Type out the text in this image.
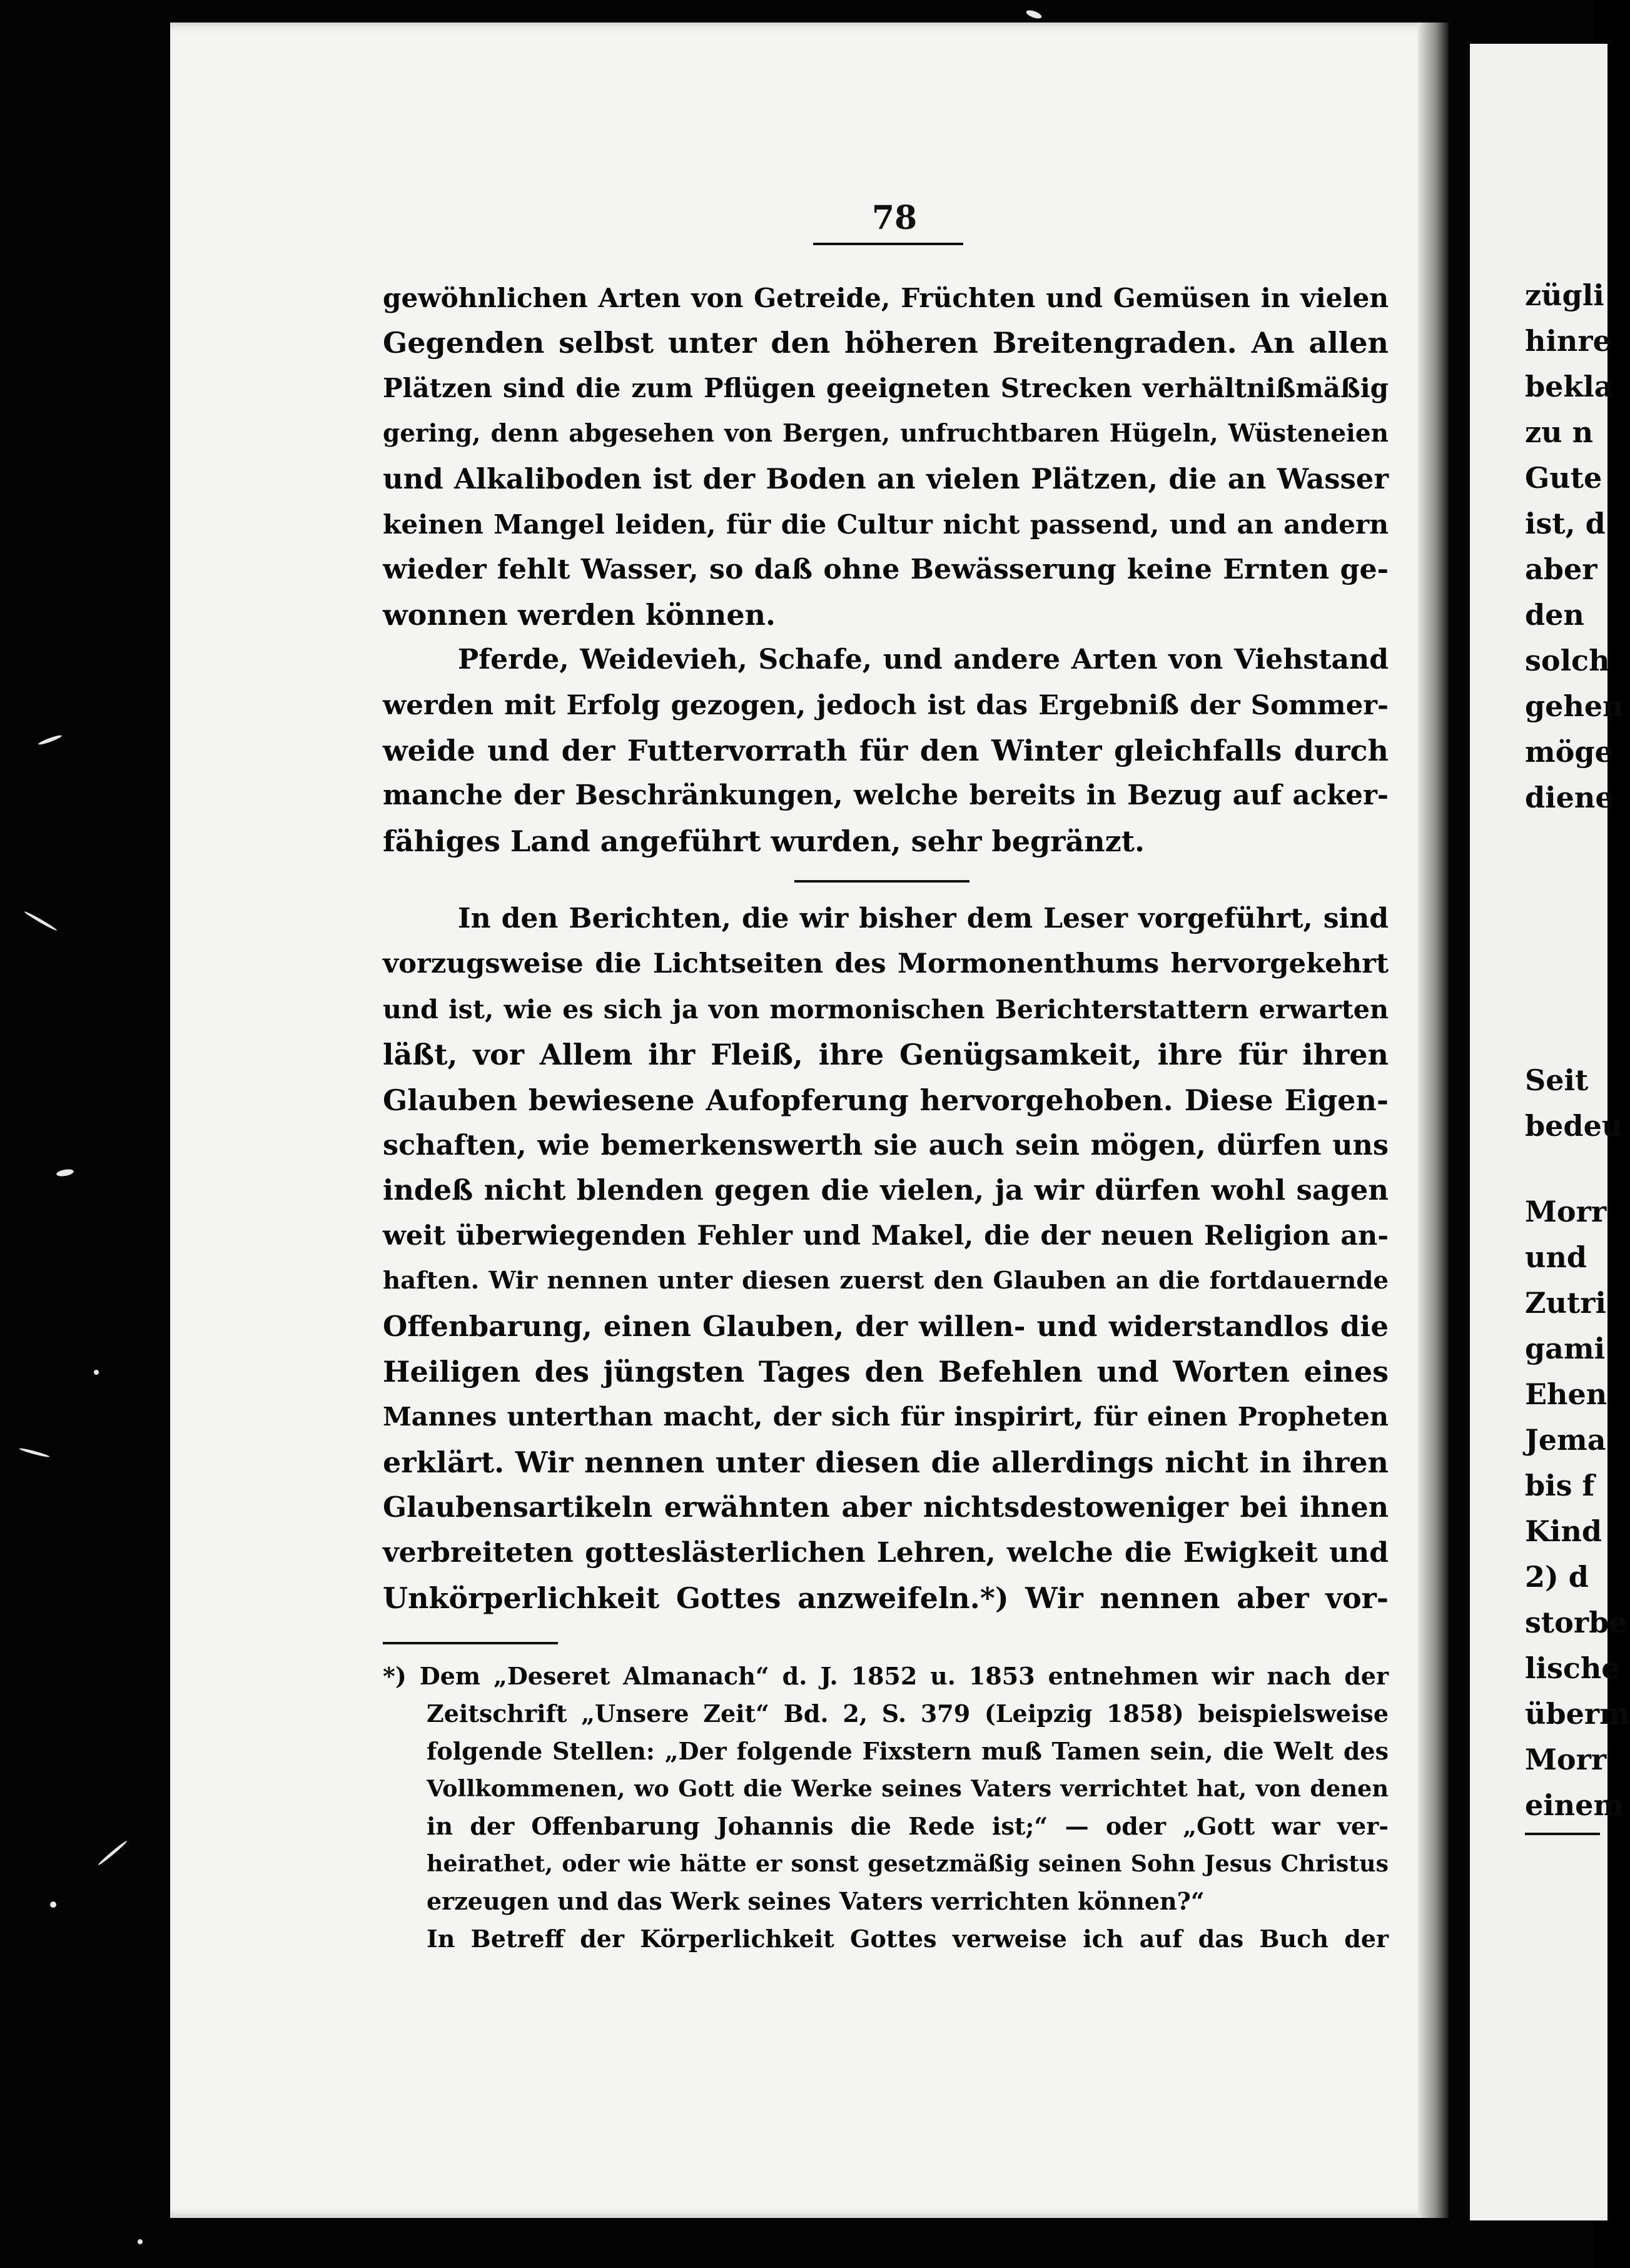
78
gewöhnlichen Arten von Getreide, Früchten und Gemüsen in vielen
Gegenden selbst unter den höheren Breitengraden. An allen
Plätzen sind die zum Pflügen geeigneten Strecken verhältnißmäßig
gering, denn abgesehen von Bergen, unfruchtbaren Hügeln, Wüsteneien
und Alkaliboden ist der Boden an vielen Plätzen, die an Wasser
keinen Mangel leiden, für die Cultur nicht passend, und an andern
wieder fehlt Wasser, so daß ohne Bewässerung keine Ernten ge-
wonnen werden können.
Pferde, Weidevieh, Schafe, und andere Arten von Viehstand
werden mit Erfolg gezogen, jedoch ist das Ergebniß der Sommer-
weide und der Futtervorrath für den Winter gleichfalls durch
manche der Beschränkungen, welche bereits in Bezug auf acker-
fähiges Land angeführt wurden, sehr begränzt.
In den Berichten, die wir bisher dem Leser vorgeführt, sind
vorzugsweise die Lichtseiten des Mormonenthums hervorgekehrt
und ist, wie es sich ja von mormonischen Berichterstattern erwarten
läßt, vor Allem ihr Fleiß, ihre Genügsamkeit, ihre für ihren
Glauben bewiesene Aufopferung hervorgehoben. Diese Eigen-
schaften, wie bemerkenswerth sie auch sein mögen, dürfen uns
indeß nicht blenden gegen die vielen, ja wir dürfen wohl sagen
weit überwiegenden Fehler und Makel, die der neuen Religion an-
haften. Wir nennen unter diesen zuerst den Glauben an die fortdauernde
Offenbarung, einen Glauben, der willen- und widerstandlos die
Heiligen des jüngsten Tages den Befehlen und Worten eines
Mannes unterthan macht, der sich für inspirirt, für einen Propheten
erklärt. Wir nennen unter diesen die allerdings nicht in ihren
Glaubensartikeln erwähnten aber nichtsdestoweniger bei ihnen
verbreiteten gotteslästerlichen Lehren, welche die Ewigkeit und
Unkörperlichkeit Gottes anzweifeln.*) Wir nennen aber vor-
*) Dem „Deseret Almanach“ d. J. 1852 u. 1853 entnehmen wir nach der
Zeitschrift „Unsere Zeit“ Bd. 2, S. 379 (Leipzig 1858) beispielsweise
folgende Stellen: „Der folgende Fixstern muß Tamen sein, die Welt des
Vollkommenen, wo Gott die Werke seines Vaters verrichtet hat, von denen
in der Offenbarung Johannis die Rede ist;“ — oder „Gott war ver-
heirathet, oder wie hätte er sonst gesetzmäßig seinen Sohn Jesus Christus
erzeugen und das Werk seines Vaters verrichten können?“
In Betreff der Körperlichkeit Gottes verweise ich auf das Buch der
zügli
hinre
bekla
zu n
Gute
ist, d
aber
den
solch
gehen
möge
diene
Seit
bedeu
Morr
und
Zutri
gami
Ehen
Jema
bis f
Kind
2) d
storbe
lische
überm
Morr
einem
